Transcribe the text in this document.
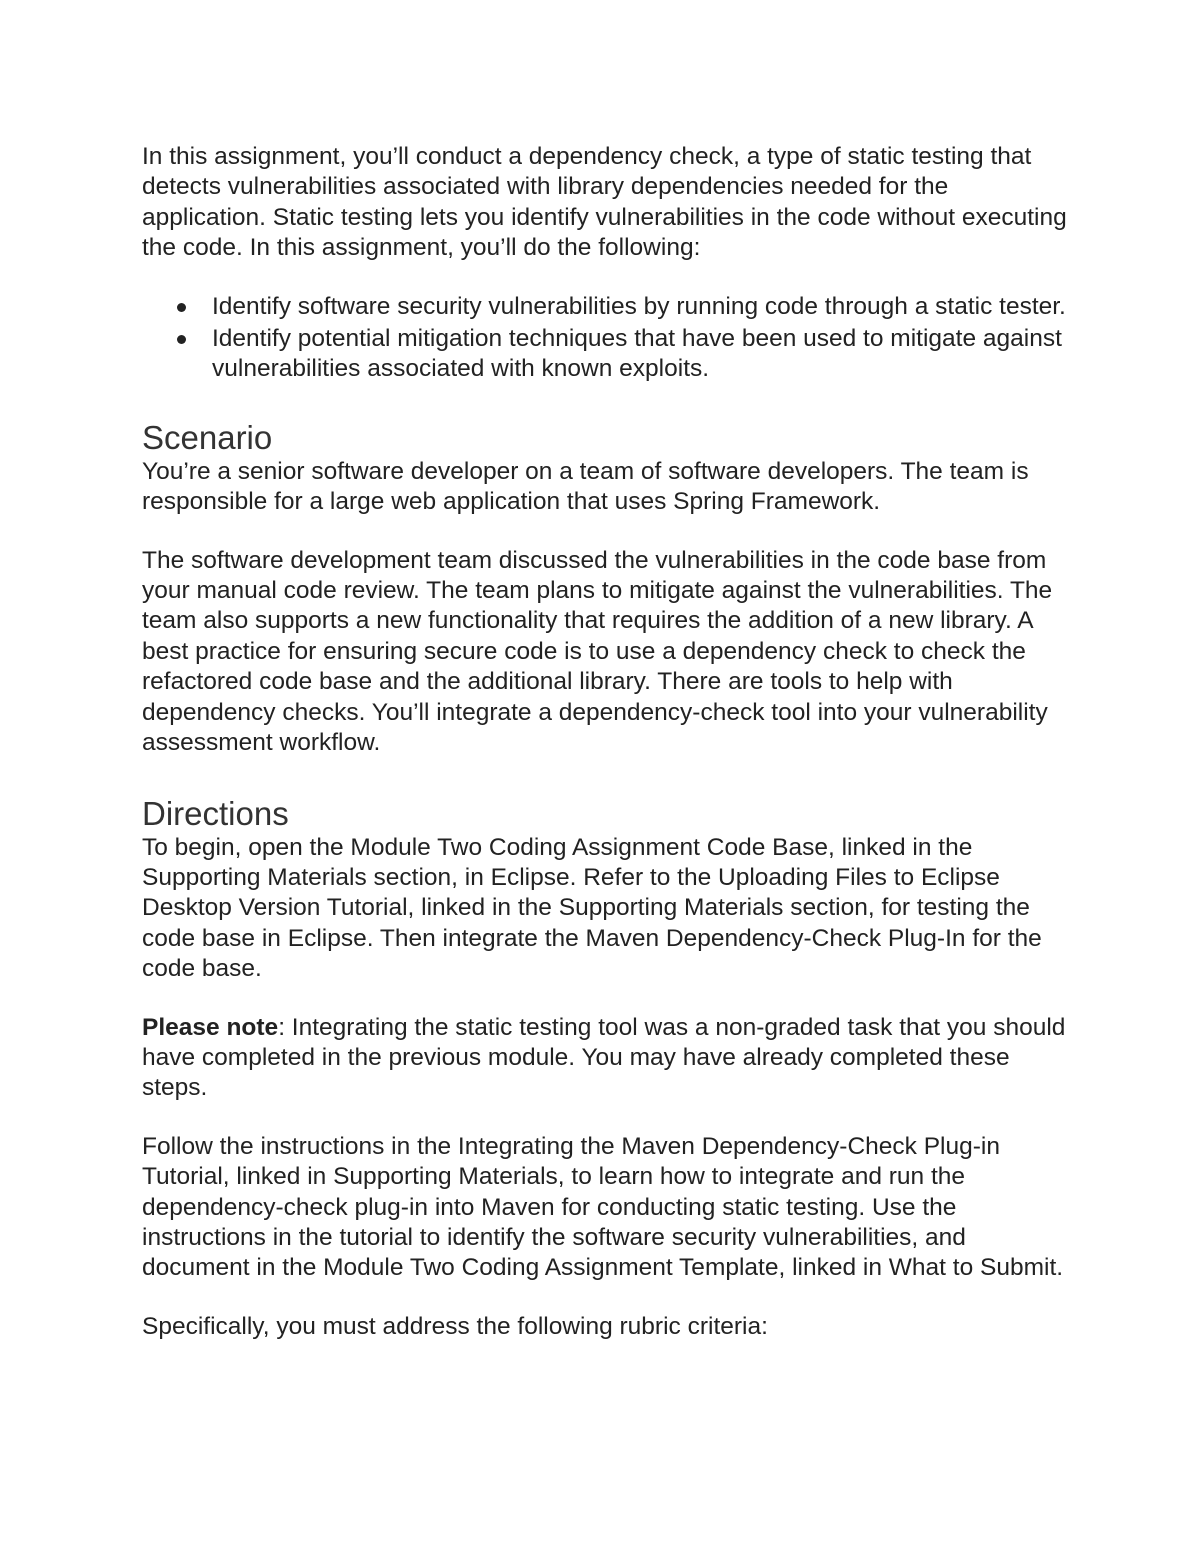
In this assignment, you’ll conduct a dependency check, a type of static testing that detects vulnerabilities associated with library dependencies needed for the application. Static testing lets you identify vulnerabilities in the code without executing the code. In this assignment, you’ll do the following:

Identify software security vulnerabilities by running code through a static tester.
Identify potential mitigation techniques that have been used to mitigate against vulnerabilities associated with known exploits.
Scenario

You’re a senior software developer on a team of software developers. The team is responsible for a large web application that uses Spring Framework.

The software development team discussed the vulnerabilities in the code base from your manual code review. The team plans to mitigate against the vulnerabilities. The team also supports a new functionality that requires the addition of a new library. A best practice for ensuring secure code is to use a dependency check to check the refactored code base and the additional library. There are tools to help with dependency checks. You’ll integrate a dependency-check tool into your vulnerability assessment workflow.

Directions

To begin, open the Module Two Coding Assignment Code Base, linked in the Supporting Materials section, in Eclipse. Refer to the Uploading Files to Eclipse Desktop Version Tutorial, linked in the Supporting Materials section, for testing the code base in Eclipse. Then integrate the Maven Dependency-Check Plug-In for the code base.

Please note: Integrating the static testing tool was a non-graded task that you should have completed in the previous module. You may have already completed these steps.

Follow the instructions in the Integrating the Maven Dependency-Check Plug-in Tutorial, linked in Supporting Materials, to learn how to integrate and run the dependency-check plug-in into Maven for conducting static testing. Use the instructions in the tutorial to identify the software security vulnerabilities, and document in the Module Two Coding Assignment Template, linked in What to Submit.

Specifically, you must address the following rubric criteria:
